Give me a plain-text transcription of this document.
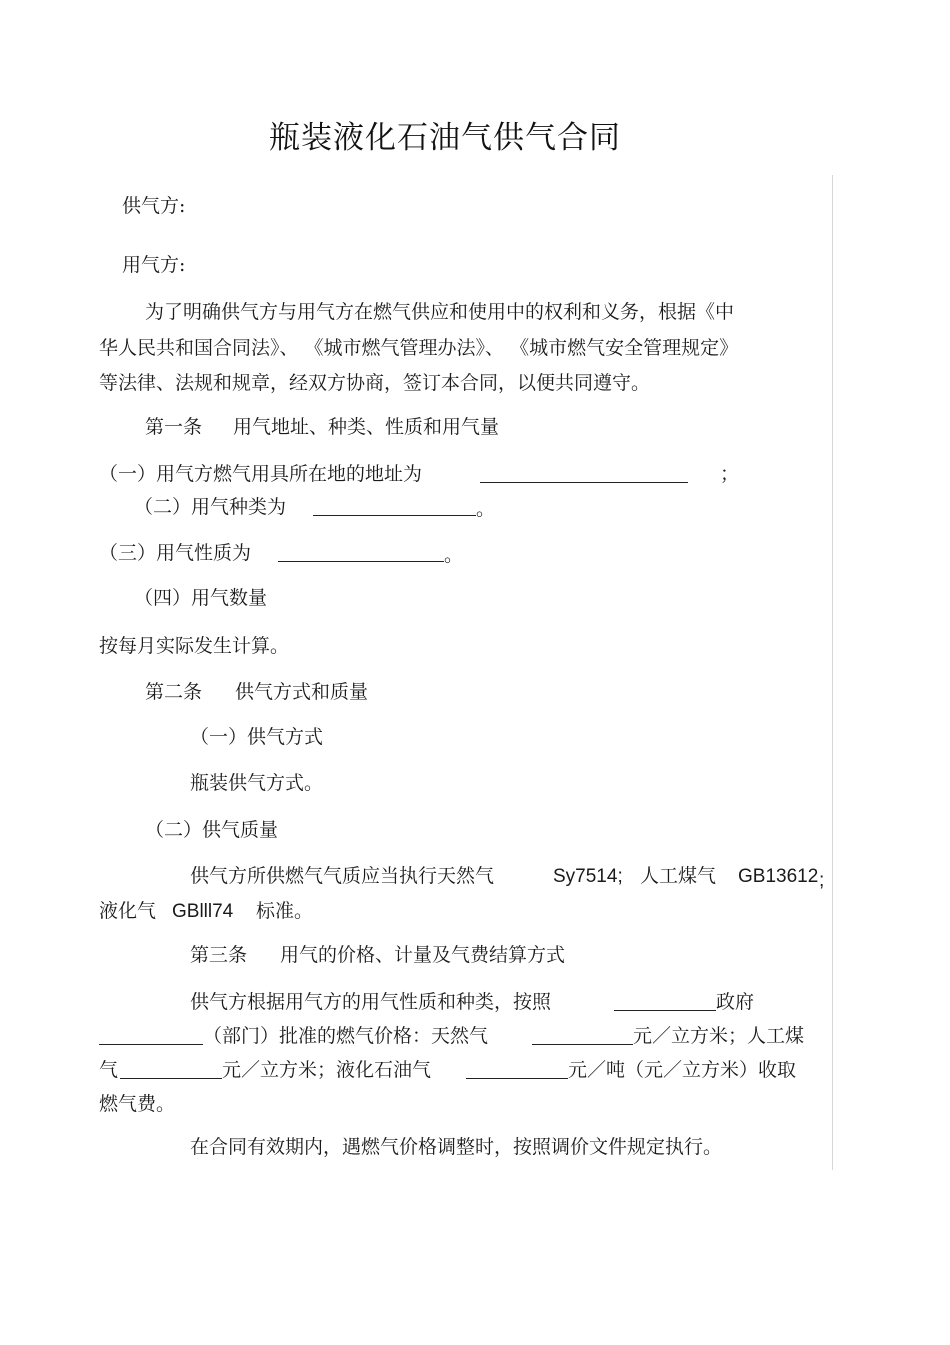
瓶装液化石油气供气合同
供气方:
用气方:
为了明确供气方与用气方在燃气供应和使用中的权利和义务，根据《中
华人民共和国合同法》、 《城市燃气管理办法》、 《城市燃气安全管理规定》
等法律、法规和规章，经双方协商，签订本合同，以便共同遵守。
第一条 用气地址、种类、性质和用气量
（一）用气方燃气用具所在地的地址为	；
（二）用气种类为	。
（三）用气性质为	。
（四）用气数量
按每月实际发生计算。
第二条 供气方式和质量
（一）供气方式
瓶装供气方式。
（二）供气质量
供气方所供燃气气质应当执行天然气	Sy7514; 人工煤气 GB13612 ;
液化气 GBlll74 标准。
第三条 用气的价格、计量及气费结算方式
供气方根据用气方的用气性质和种类，按照	政府
（部门）批准的燃气价格：天然气	元／立方米；人工煤
气	元／立方米；液化石油气	元／吨（元／立方米）收取
燃气费。
在合同有效期内，遇燃气价格调整时，按照调价文件规定执行。
